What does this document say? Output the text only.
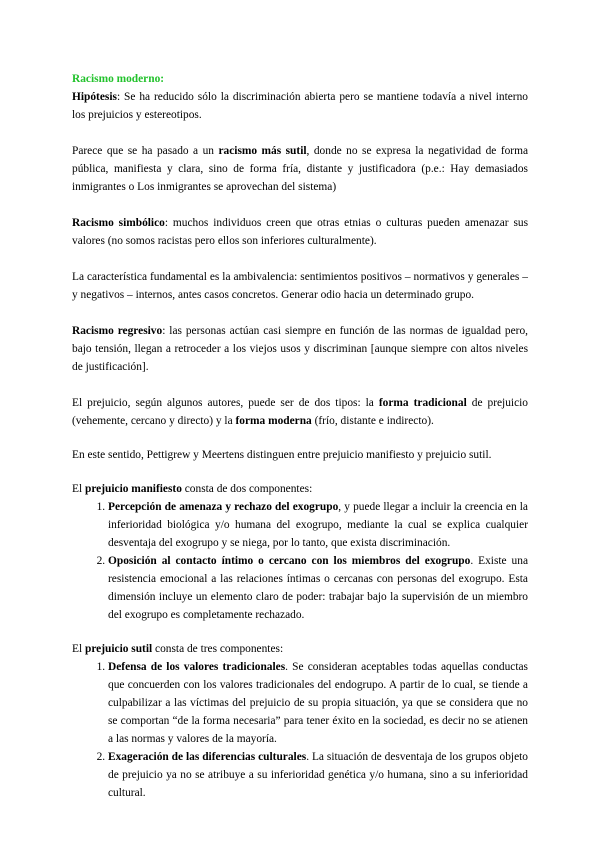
Racismo moderno:

Hipótesis: Se ha reducido sólo la discriminación abierta pero se mantiene todavía a nivel interno los prejuicios y estereotipos.

Parece que se ha pasado a un racismo más sutil, donde no se expresa la negatividad de forma pública, manifiesta y clara, sino de forma fría, distante y justificadora (p.e.: Hay demasiados inmigrantes o Los inmigrantes se aprovechan del sistema)

Racismo simbólico: muchos individuos creen que otras etnias o culturas pueden amenazar sus valores (no somos racistas pero ellos son inferiores culturalmente).

La característica fundamental es la ambivalencia: sentimientos positivos – normativos y generales – y negativos – internos, antes casos concretos. Generar odio hacia un determinado grupo.

Racismo regresivo: las personas actúan casi siempre en función de las normas de igualdad pero, bajo tensión, llegan a retroceder a los viejos usos y discriminan [aunque siempre con altos niveles de justificación].

El prejuicio, según algunos autores, puede ser de dos tipos: la forma tradicional de prejuicio (vehemente, cercano y directo) y la forma moderna (frío, distante e indirecto).

En este sentido, Pettigrew y Meertens distinguen entre prejuicio manifiesto y prejuicio sutil.

El prejuicio manifiesto consta de dos componentes:

1. Percepción de amenaza y rechazo del exogrupo, y puede llegar a incluir la creencia en la inferioridad biológica y/o humana del exogrupo, mediante la cual se explica cualquier desventaja del exogrupo y se niega, por lo tanto, que exista discriminación.
2. Oposición al contacto íntimo o cercano con los miembros del exogrupo. Existe una resistencia emocional a las relaciones íntimas o cercanas con personas del exogrupo. Esta dimensión incluye un elemento claro de poder: trabajar bajo la supervisión de un miembro del exogrupo es completamente rechazado.

El prejuicio sutil consta de tres componentes:

1. Defensa de los valores tradicionales. Se consideran aceptables todas aquellas conductas que concuerden con los valores tradicionales del endogrupo. A partir de lo cual, se tiende a culpabilizar a las víctimas del prejuicio de su propia situación, ya que se considera que no se comportan “de la forma necesaria” para tener éxito en la sociedad, es decir no se atienen a las normas y valores de la mayoría.
2. Exageración de las diferencias culturales. La situación de desventaja de los grupos objeto de prejuicio ya no se atribuye a su inferioridad genética y/o humana, sino a su inferioridad cultural.
